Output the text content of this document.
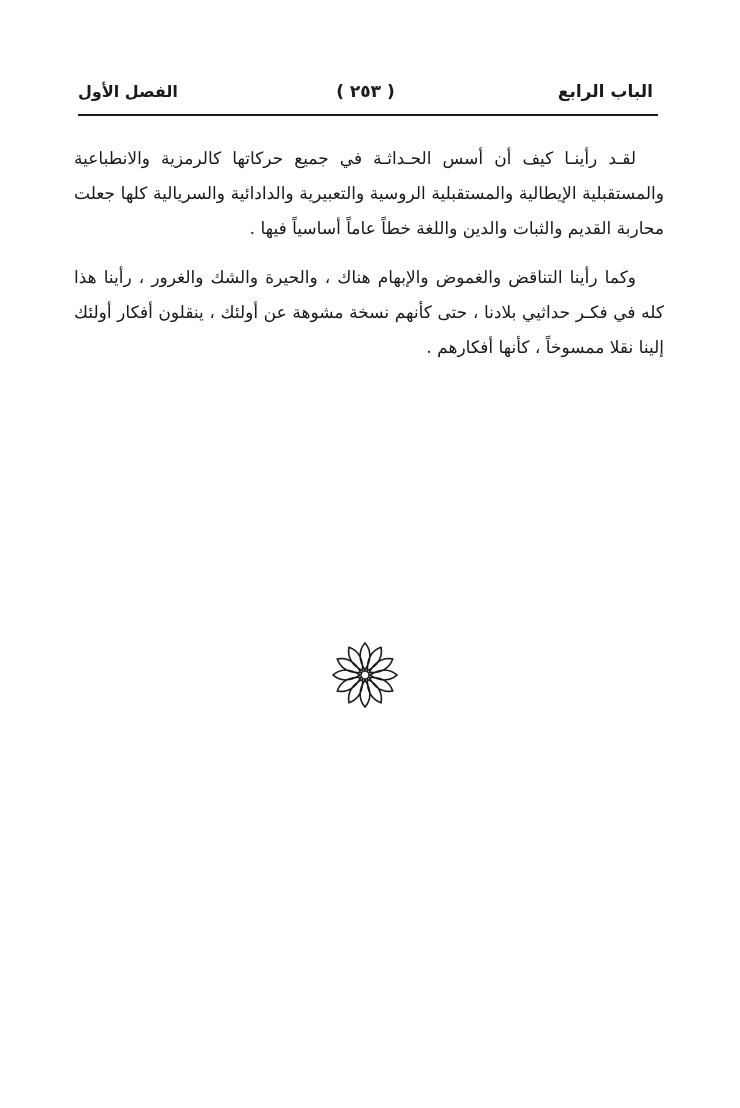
الباب الرابع
( ٢٥٣ )
الفصل الأول

لقـد رأينـا كيف أن أسس الحـداثـة في جميع حركاتها كالرمزية والانطباعية والمستقبلية الإيطالية والمستقبلية الروسية والتعبيرية والدادائية والسريالية كلها جعلت محاربة القديم والثبات والدين واللغة خطاً عاماً أساسياً فيها .

وكما رأينا التناقض والغموض والإبهام هناك ، والحيرة والشك والغرور ، رأينا هذا كله في فكـر حداثيي بلادنا ، حتى كأنهم نسخة مشوهة عن أولئك ، ينقلون أفكار أولئك إلينا نقلا ممسوخاً ، كأنها أفكارهم .
